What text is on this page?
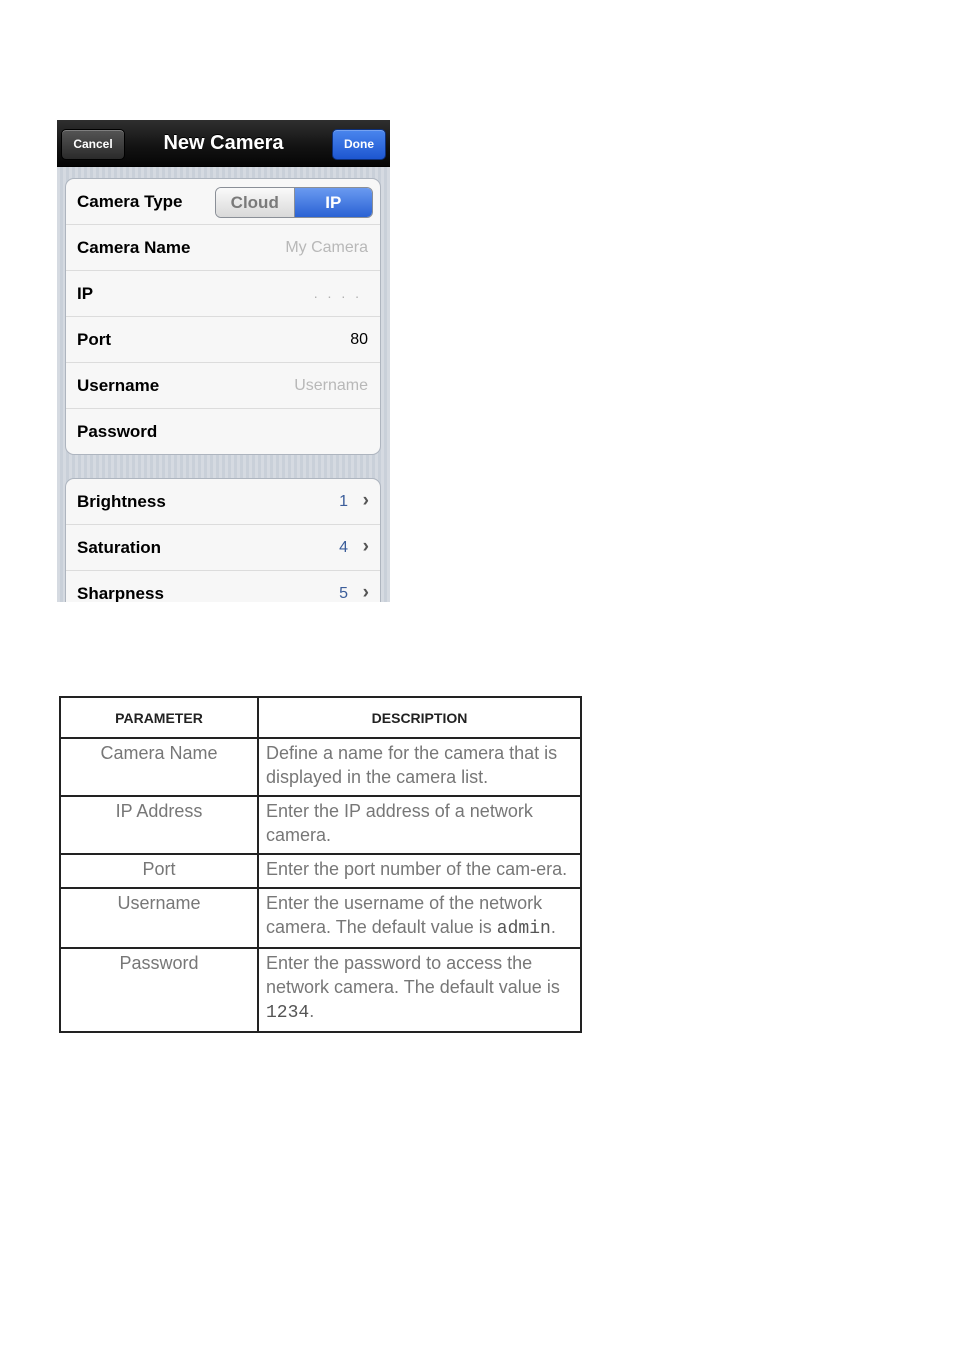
New Camera
Cancel	Done
Camera Type	Cloud	IP
Camera Name	My Camera
IP	. . . .
Port	80
Username	Username
Password
Brightness	1 ›
Saturation	4 ›
Sharpness	5 ›
PARAMETER	DESCRIPTION
Camera Name	Define a name for the camera that is displayed in the camera list.
IP Address	Enter the IP address of a network camera.
Port	Enter the port number of the cam-era.
Username	Enter the username of the network camera. The default value is admin.
Password	Enter the password to access the network camera. The default value is 1234.
